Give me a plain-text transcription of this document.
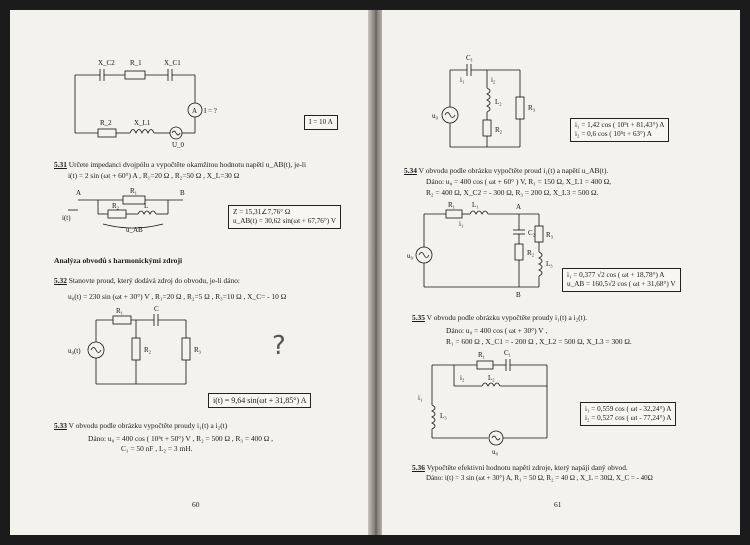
X_C2 R_1	X_C1
A I = ?
R_2	X_L1
U_0
I = 10 A
5.31 Určete impedanci dvojpólu a vypočtěte okamžitou hodnotu napětí u_AB(t), je-li
i(t) = 2 sin (ωt + 60°) A , R₁=20 Ω , R₂=50 Ω , X_L=30 Ω
A	B
R₁
R₂	L
i(t)
u_AB
Z = 15,31∠7,76° Ω
u_AB(t) = 30,62 sin(ωt + 67,76°) V
Analýza obvodů s harmonickými zdroji
5.32 Stanovte proud, který dodává zdroj do obvodu, je-li dáno:
u₀(t) = 230 sin (ωt + 30°) V , R₁=20 Ω , R₂=5 Ω , R₃=10 Ω , X_C= - 10 Ω
R₁	C
R₂	R₃
u₀(t)	?
i(t) = 9,64 sin(ωt + 31,85°) A
5.33 V obvodu podle obrázku vypočtěte proudy i₁(t) a i₂(t)
Dáno: u₀ = 400 cos ( 10⁵t + 50°) V , R₂ = 500 Ω , R₃ = 400 Ω ,
C₁ = 50 nF , L₂ = 3 mH.
60
C₁
i₁	i₂
L₂
R₂
R₃
u₀
i₁ = 1,42 cos ( 10⁵t + 81,43°) A
i₂ = 0,6 cos ( 10⁵t + 63°) A
5.34 V obvodu podle obrázku vypočtěte proud i₁(t) a napětí u_AB(t).
Dáno: u₀ = 400 cos ( ωt + 60° ) V, R₁ = 150 Ω, X_L1 = 400 Ω,
R₂ = 400 Ω, X_C2 = - 300 Ω, R₃ = 200 Ω, X_L3 = 500 Ω.
R₁ L₁	A
B
C₂
R₂
R₃
L₃
u₀
i₁
i₁ = 0,377 √2 cos ( ωt + 18,78°) A
u_AB = 160,5√2 cos ( ωt + 31,68°) V
5.35 V obvodu podle obrázku vypočtěte proudy i₁(t) a i₂(t).
Dáno: u₀ = 400 cos ( ωt + 30°) V ,
R₁ = 600 Ω , X_C1 = - 200 Ω , X_L2 = 500 Ω, X_L3 = 300 Ω.
R₁	C₁
L₂
i₂
i₁
L₃
u₀
i₁ = 0,559 cos ( ωt - 32,24°) A
i₂ = 0,527 cos ( ωt - 77,24°) A
5.36 Vypočtěte efektivní hodnotu napětí zdroje, který napájí daný obvod.
Dáno: i(t) = 3 sin (ωt + 30°) A, R₁ = 50 Ω, R₂ = 40 Ω , X_L = 30Ω, X_C = - 40Ω
61
